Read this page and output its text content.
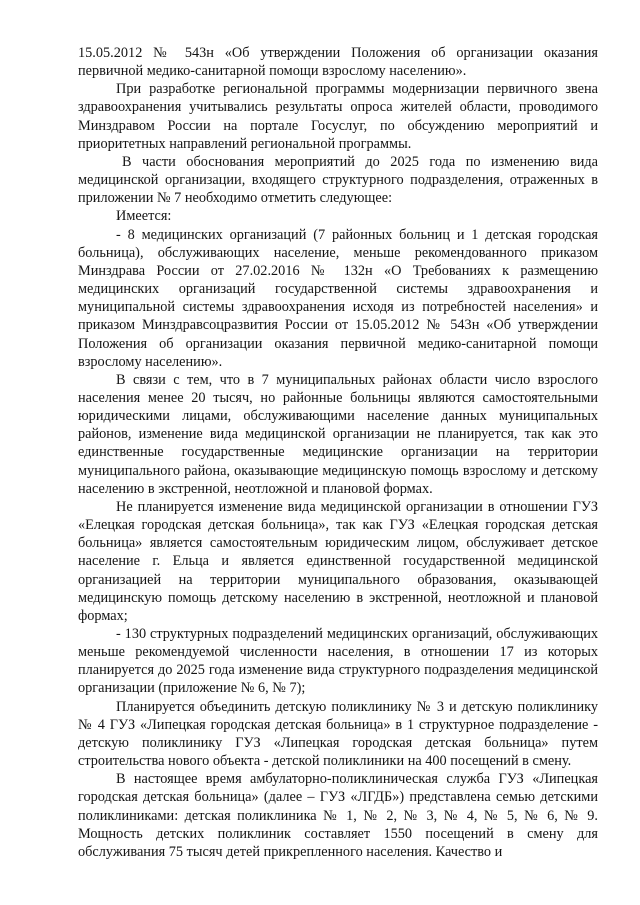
15.05.2012 № 543н «Об утверждении Положения об организации оказания первичной медико-санитарной помощи взрослому населению».

При разработке региональной программы модернизации первичного звена здравоохранения учитывались результаты опроса жителей области, проводимого Минздравом России на портале Госуслуг, по обсуждению мероприятий и приоритетных направлений региональной программы.

В части обоснования мероприятий до 2025 года по изменению вида медицинской организации, входящего структурного подразделения, отраженных в приложении № 7 необходимо отметить следующее:

Имеется:

- 8 медицинских организаций (7 районных больниц и 1 детская городская больница), обслуживающих население, меньше рекомендованного приказом Минздрава России от 27.02.2016 № 132н «О Требованиях к размещению медицинских организаций государственной системы здравоохранения и муниципальной системы здравоохранения исходя из потребностей населения» и приказом Минздравсоцразвития России от 15.05.2012 № 543н «Об утверждении Положения об организации оказания первичной медико-санитарной помощи взрослому населению».

В связи с тем, что в 7 муниципальных районах области число взрослого населения менее 20 тысяч, но районные больницы являются самостоятельными юридическими лицами, обслуживающими население данных муниципальных районов, изменение вида медицинской организации не планируется, так как это единственные государственные медицинские организации на территории муниципального района, оказывающие медицинскую помощь взрослому и детскому населению в экстренной, неотложной и плановой формах.

Не планируется изменение вида медицинской организации в отношении ГУЗ «Елецкая городская детская больница», так как ГУЗ «Елецкая городская детская больница» является самостоятельным юридическим лицом, обслуживает детское население г. Ельца и является единственной государственной медицинской организацией на территории муниципального образования, оказывающей медицинскую помощь детскому населению в экстренной, неотложной и плановой формах;

- 130 структурных подразделений медицинских организаций, обслуживающих меньше рекомендуемой численности населения, в отношении 17 из которых планируется до 2025 года изменение вида структурного подразделения медицинской организации (приложение № 6, № 7);

Планируется объединить детскую поликлинику № 3 и детскую поликлинику № 4 ГУЗ «Липецкая городская детская больница» в 1 структурное подразделение - детскую поликлинику ГУЗ «Липецкая городская детская больница» путем строительства нового объекта - детской поликлиники на 400 посещений в смену.

В настоящее время амбулаторно-поликлиническая служба ГУЗ «Липецкая городская детская больница» (далее – ГУЗ «ЛГДБ») представлена семью детскими поликлиниками: детская поликлиника № 1, № 2, № 3, № 4, № 5, № 6, № 9. Мощность детских поликлиник составляет 1550 посещений в смену для обслуживания 75 тысяч детей прикрепленного населения. Качество и
